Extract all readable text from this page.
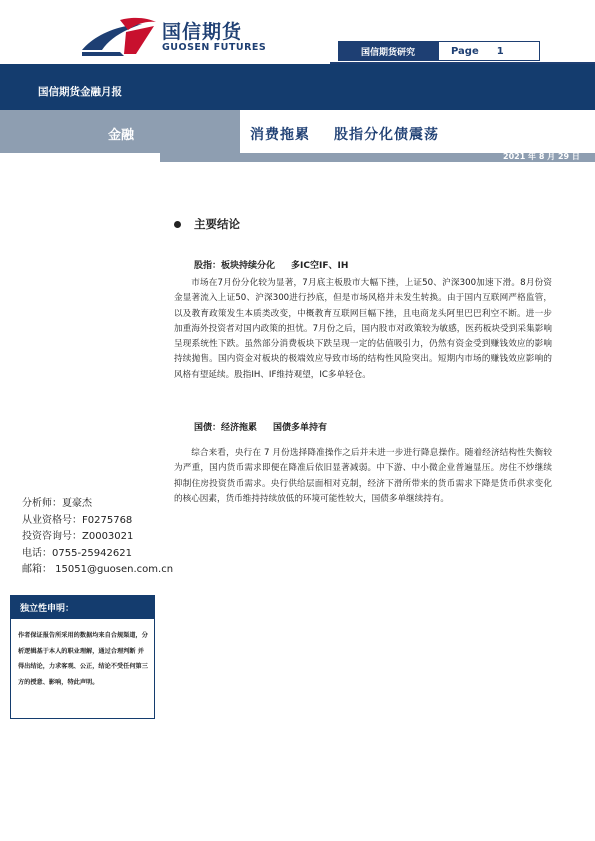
国信期货
GUOSEN FUTURES	国信期货研究	Page 1
国信期货金融月报
金融	消费拖累 股指分化债震荡
2021 年 8 月 29 日
主要结论
股指：板块持续分化 多IC空IF、IH
市场在7月份分化较为显著，7月底主板股市大幅下挫，上证50、沪深300加速下滑。8月份资金显著流入上证50、沪深300进行抄底，但是市场风格并未发生转换。由于国内互联网严格监管，以及教育政策发生本质类改变，中概教育互联网巨幅下挫，且电商龙头阿里巴巴利空不断。进一步加重海外投资者对国内政策的担忧。7月份之后，国内股市对政策较为敏感，医药板块受到采集影响呈现系统性下跌。虽然部分消费板块下跌呈现一定的估值吸引力，仍然有资金受到赚钱效应的影响持续抛售。国内资金对板块的极端效应导致市场的结构性风险突出。短期内市场的赚钱效应影响的风格有望延续。股指IH、IF维持观望，IC多单轻仓。
国债：经济拖累 国债多单持有
综合来看，央行在 7 月份选择降准操作之后并未进一步进行降息操作。随着经济结构性失衡较为严重，国内货币需求即便在降准后依旧显著减弱。中下游、中小微企业普遍显压。房住不炒继续抑制住房投资货币需求。央行供给层面相对克制，经济下滑所带来的货币需求下降是货币供求变化的核心因素，货币维持持续放低的环境可能性较大，国债多单继续持有。
分析师：夏豪杰
从业资格号：F0275768
投资咨询号：Z0003021
电话：0755-25942621
邮箱： 15051@guosen.com.cn
独立性申明：
作者保证报告所采用的数据均来自合规渠道，分析逻辑基于本人的职业理解，通过合理判断 并得出结论，力求客观、公正，结论不受任何第三方的授意、影响，特此声明。
